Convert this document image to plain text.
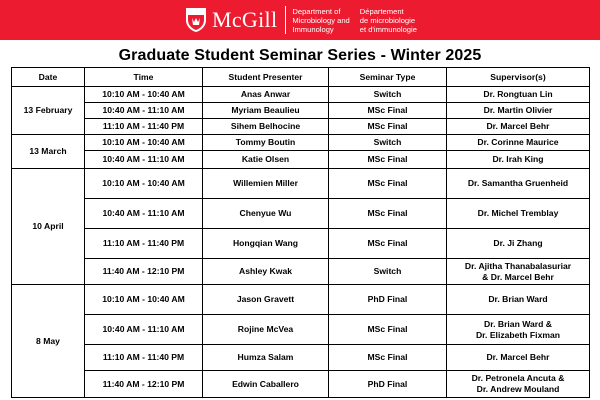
McGill Department of
Microbiology and
Immunology
Département
de microbiologie
et d'immunologie
Graduate Student Seminar Series - Winter 2025
Date	Time	Student Presenter	Seminar Type	Supervisor(s)
13 February	10:10 AM - 10:40 AM	Anas Anwar	Switch	Dr. Rongtuan Lin

	10:40 AM - 11:10 AM	Myriam Beaulieu	MSc Final	Dr. Martin Olivier

	11:10 AM - 11:40 PM	Sihem Belhocine	MSc Final	Dr. Marcel Behr

13 March	10:10 AM - 10:40 AM	Tommy Boutin	Switch	Dr. Corinne Maurice

	10:40 AM - 11:10 AM	Katie Olsen	MSc Final	Dr. Irah King

10 April	10:10 AM - 10:40 AM	Willemien Miller	MSc Final	Dr. Samantha Gruenheid

	10:40 AM - 11:10 AM	Chenyue Wu	MSc Final	Dr. Michel Tremblay

	11:10 AM - 11:40 PM	Hongqian Wang	MSc Final	Dr. Ji Zhang

	11:40 AM - 12:10 PM	Ashley Kwak	Switch	Dr. Ajitha Thanabalasuriar
& Dr. Marcel Behr

8 May	10:10 AM - 10:40 AM	Jason Gravett	PhD Final	Dr. Brian Ward

	10:40 AM - 11:10 AM	Rojine McVea	MSc Final	Dr. Brian Ward &
Dr. Elizabeth Fixman

	11:10 AM - 11:40 PM	Humza Salam	MSc Final	Dr. Marcel Behr

	11:40 AM - 12:10 PM	Edwin Caballero	PhD Final	Dr. Petronela Ancuta &
Dr. Andrew Mouland
